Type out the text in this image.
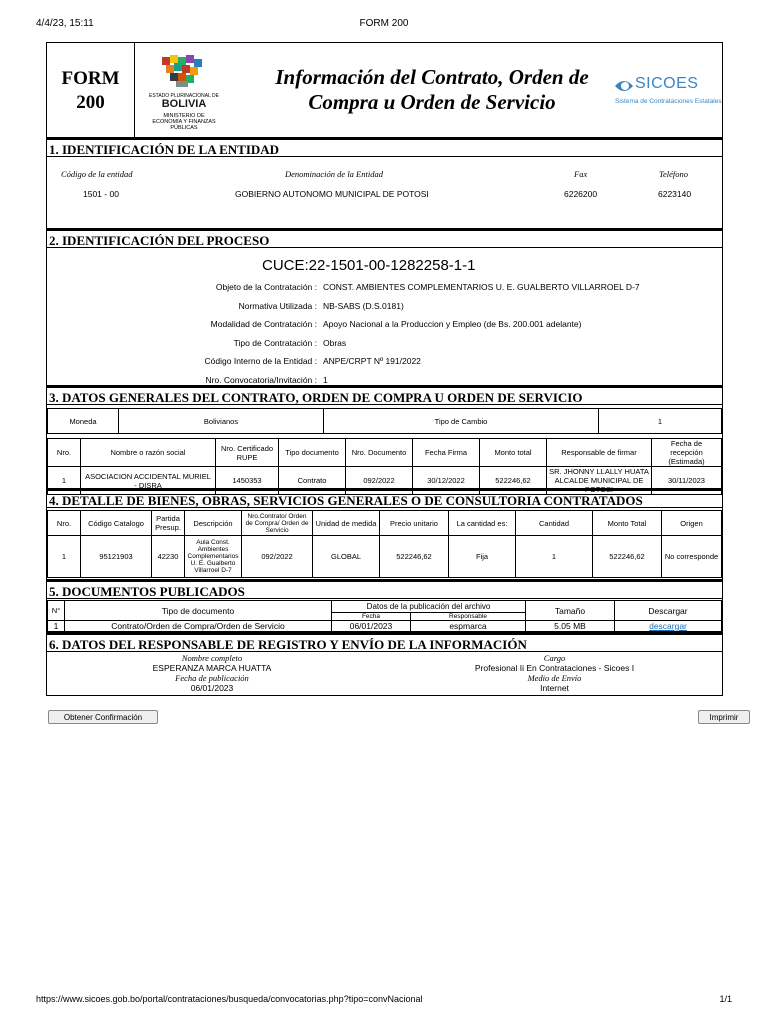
4/4/23, 15:11	FORM 200
FORM
200	ESTADO PLURINACIONAL DE
BOLIVIA
MINISTERIO DE
ECONOMÍA Y FINANZAS PÚBLICAS
Información del Contrato, Orden de
Compra u Orden de Servicio
SICOES
Sistema de Contrataciones Estatales
1. IDENTIFICACIÓN DE LA ENTIDAD
Código de la entidad	Denominación de la Entidad	Fax	Teléfono
1501 - 00	GOBIERNO AUTONOMO MUNICIPAL DE POTOSI	6226200	6223140
2. IDENTIFICACIÓN DEL PROCESO
CUCE:22-1501-00-1282258-1-1
Objeto de la Contratación : CONST. AMBIENTES COMPLEMENTARIOS U. E. GUALBERTO VILLARROEL D-7
Normativa Utilizada : NB-SABS (D.S.0181)
Modalidad de Contratación : Apoyo Nacional a la Produccion y Empleo (de Bs. 200.001 adelante)
Tipo de Contratación : Obras
Código Interno de la Entidad : ANPE/CRPT Nº 191/2022
Nro. Convocatoria/Invitación : 1
3. DATOS GENERALES DEL CONTRATO, ORDEN DE COMPRA U ORDEN DE SERVICIO
Moneda	Bolivianos	Tipo de Cambio	1
Nro.	Nombre o razón social	Nro. Certificado RUPE	Tipo documento	Nro. Documento	Fecha Firma	Monto total	Responsable de firmar	Fecha de recepción (Estimada)
1	ASOCIACION ACCIDENTAL MURIEL - DISRA	1450353	Contrato	092/2022	30/12/2022	522246,62	SR. JHONNY LLALLY HUATA ALCALDE MUNICIPAL DE POTOSI	30/11/2023
4. DETALLE DE BIENES, OBRAS, SERVICIOS GENERALES O DE CONSULTORIA CONTRATADOS
Nro.	Código Catalogo	Partida Presup.	Descripción	Nro.Contrato/ Orden de Compra/ Orden de Servicio	Unidad de medida	Precio unitario	La cantidad es:	Cantidad	Monto Total	Origen
1	95121903	42230	Aula Const. Ambientes Complementarios U. E. Gualberto Villarroel D-7	092/2022	GLOBAL	522246,62	Fija	1	522246,62	No corresponde
5. DOCUMENTOS PUBLICADOS
N°	Tipo de documento	Datos de la publicación del archivo		Tamaño	Descargar
		Fecha	Responsable		
1	Contrato/Orden de Compra/Orden de Servicio	06/01/2023	espmarca	5.05 MB	descargar
6. DATOS DEL RESPONSABLE DE REGISTRO Y ENVÍO DE LA INFORMACIÓN
Nombre completo
ESPERANZA MARCA HUATTA
Fecha de publicación
06/01/2023
Cargo
Profesional Ii En Contrataciones - Sicoes I
Medio de Envío
Internet
Obtener Confirmación	Imprimir
https://www.sicoes.gob.bo/portal/contrataciones/busqueda/convocatorias.php?tipo=convNacional	1/1
